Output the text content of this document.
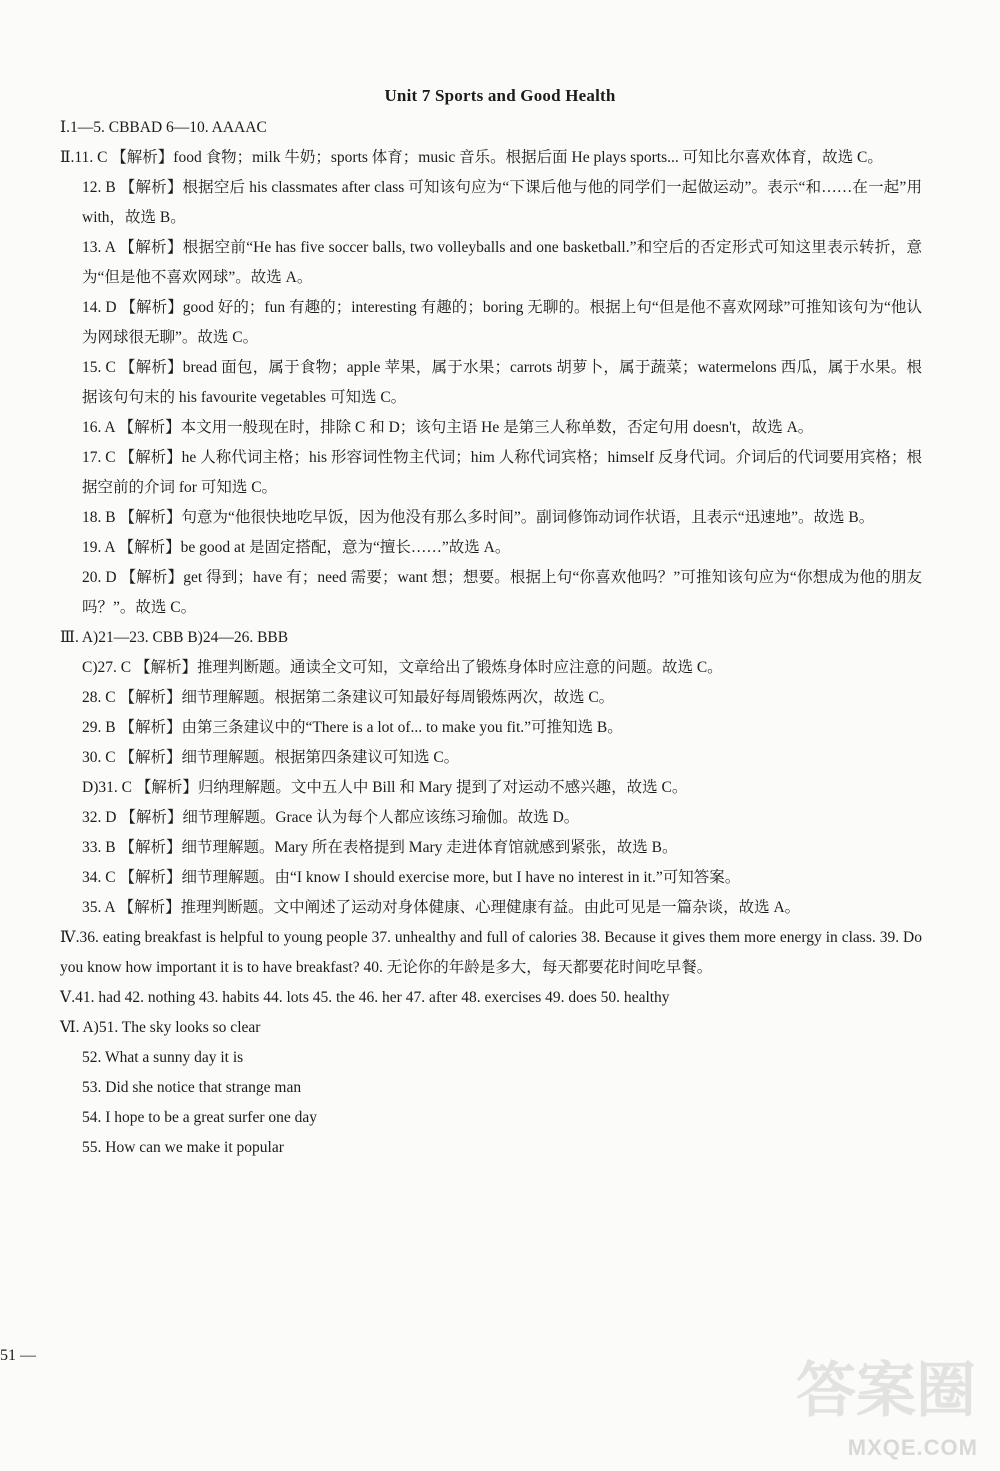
Unit 7 Sports and Good Health

Ⅰ.1—5. CBBAD 6—10. AAAAC

Ⅱ.11. C 【解析】food 食物；milk 牛奶；sports 体育；music 音乐。根据后面 He plays sports... 可知比尔喜欢体育，故选 C。

12. B 【解析】根据空后 his classmates after class 可知该句应为“下课后他与他的同学们一起做运动”。表示“和……在一起”用 with，故选 B。

13. A 【解析】根据空前“He has five soccer balls, two volleyballs and one basketball.”和空后的否定形式可知这里表示转折，意为“但是他不喜欢网球”。故选 A。

14. D 【解析】good 好的；fun 有趣的；interesting 有趣的；boring 无聊的。根据上句“但是他不喜欢网球”可推知该句为“他认为网球很无聊”。故选 C。

15. C 【解析】bread 面包，属于食物；apple 苹果，属于水果；carrots 胡萝卜，属于蔬菜；watermelons 西瓜，属于水果。根据该句句末的 his favourite vegetables 可知选 C。

16. A 【解析】本文用一般现在时，排除 C 和 D；该句主语 He 是第三人称单数，否定句用 doesn't，故选 A。

17. C 【解析】he 人称代词主格；his 形容词性物主代词；him 人称代词宾格；himself 反身代词。介词后的代词要用宾格；根据空前的介词 for 可知选 C。

18. B 【解析】句意为“他很快地吃早饭，因为他没有那么多时间”。副词修饰动词作状语，且表示“迅速地”。故选 B。

19. A 【解析】be good at 是固定搭配，意为“擅长……”故选 A。

20. D 【解析】get 得到；have 有；need 需要；want 想；想要。根据上句“你喜欢他吗？”可推知该句应为“你想成为他的朋友吗？”。故选 C。

Ⅲ. A)21—23. CBB B)24—26. BBB

C)27. C 【解析】推理判断题。通读全文可知，文章给出了锻炼身体时应注意的问题。故选 C。

28. C 【解析】细节理解题。根据第二条建议可知最好每周锻炼两次，故选 C。

29. B 【解析】由第三条建议中的“There is a lot of... to make you fit.”可推知选 B。

30. C 【解析】细节理解题。根据第四条建议可知选 C。

D)31. C 【解析】归纳理解题。文中五人中 Bill 和 Mary 提到了对运动不感兴趣，故选 C。

32. D 【解析】细节理解题。Grace 认为每个人都应该练习瑜伽。故选 D。

33. B 【解析】细节理解题。Mary 所在表格提到 Mary 走进体育馆就感到紧张，故选 B。

34. C 【解析】细节理解题。由“I know I should exercise more, but I have no interest in it.”可知答案。

35. A 【解析】推理判断题。文中阐述了运动对身体健康、心理健康有益。由此可见是一篇杂谈，故选 A。

Ⅳ.36. eating breakfast is helpful to young people 37. unhealthy and full of calories 38. Because it gives them more energy in class. 39. Do you know how important it is to have breakfast? 40. 无论你的年龄是多大，每天都要花时间吃早餐。

Ⅴ.41. had 42. nothing 43. habits 44. lots 45. the 46. her 47. after 48. exercises 49. does 50. healthy

Ⅵ. A)51. The sky looks so clear

52. What a sunny day it is

53. Did she notice that strange man

54. I hope to be a great surfer one day

55. How can we make it popular

51 —
答案圈
MXQE.COM
